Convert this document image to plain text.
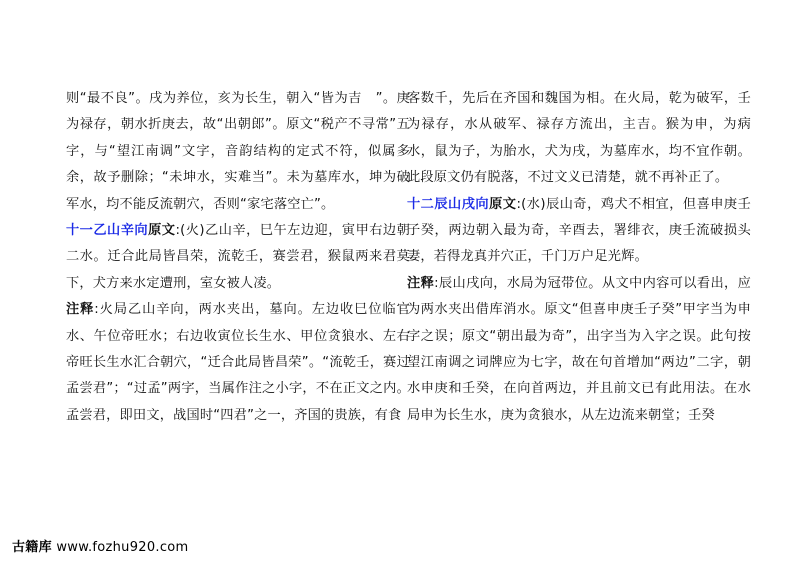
则“最不良”。戌为养位，亥为长生，朝入“皆为吉　”。庚为禄存，朝水折庚去，故“出朝郎”。原文“税产不寻常”五字，与“望江南调”文字，音韵结构的定式不符，似属多余，故予删除；“未坤水，实难当”。未为墓库水，坤为破军水，均不能反流朝穴，否则“家宅落空亡”。

十一乙山辛向原文:(火)乙山辛，巳午左边迎，寅甲右边朝二水。迁合此局皆昌荣，流乾壬，赛尝君，猴鼠两来君莫下，犬方来水定遭刑，室女被人凌。

注释:火局乙山辛向，两水夹出，墓向。左边收巳位临官水、午位帝旺水；右边收寅位长生水、甲位贪狼水、左右帝旺长生水汇合朝穴，“迁合此局皆昌荣”。“流乾壬，赛过孟尝君”；“过孟”两字，当属作注之小字，不在正文之内。孟尝君，即田文，战国时“四君”之一，齐国的贵族，有食

客数千，先后在齐国和魏国为相。在火局，乾为破军，壬为禄存，水从破军、禄存方流出，主吉。猴为申，为病水，鼠为子，为胎水，犬为戌，为墓库水，均不宜作朝。此段原文仍有脱落，不过文义已清楚，就不再补正了。

十二辰山戌向原文:(水)辰山奇，鸡犬不相宜，但喜申庚壬子癸，两边朝入最为奇，辛酉去，署绯衣，庚壬流破损头妻，若得龙真并穴正，千门万户足光辉。

注释:辰山戌向，水局为冠带位。从文中内容可以看出，应为两水夹出借库消水。原文“但喜申庚壬子癸”甲字当为申字之误；原文“朝出最为奇”，出字当为入字之误。此句按望江南调之词牌应为七字，故在句首增加“两边”二字，朝水申庚和壬癸，在向首两边，并且前文已有此用法。在水局申为长生水，庚为贪狼水，从左边流来朝堂；壬癸

古籍库 www.fozhu920.com
